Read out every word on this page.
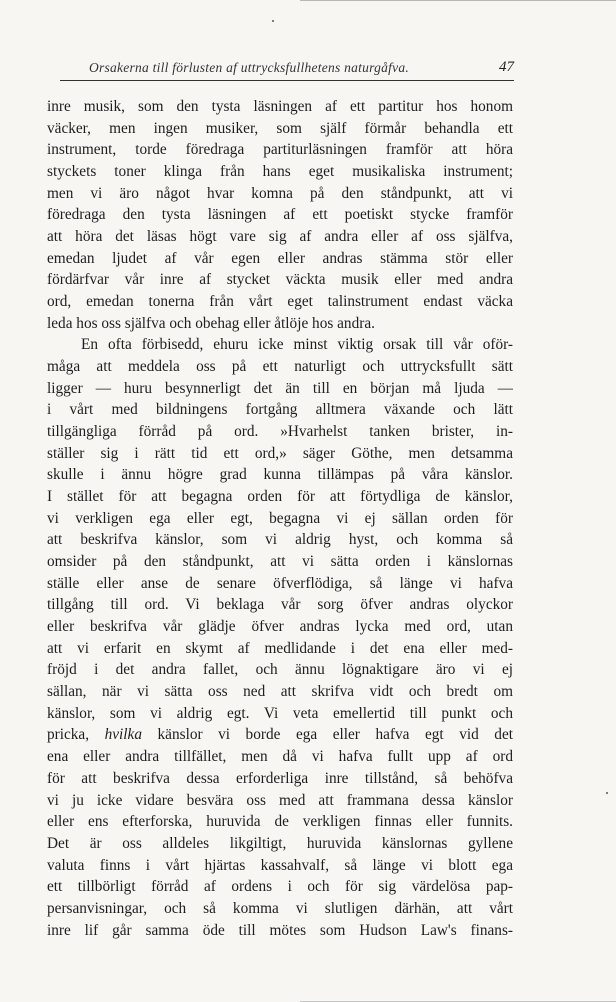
Orsakerna till förlusten af uttrycksfullhetens naturgåfva.	47
inre musik, som den tysta läsningen af ett partitur hos honom
väcker, men ingen musiker, som själf förmår behandla ett
instrument, torde föredraga partiturläsningen framför att höra
styckets toner klinga från hans eget musikaliska instrument;
men vi äro något hvar komna på den ståndpunkt, att vi
föredraga den tysta läsningen af ett poetiskt stycke framför
att höra det läsas högt vare sig af andra eller af oss själfva,
emedan ljudet af vår egen eller andras stämma stör eller
fördärfvar vår inre af stycket väckta musik eller med andra
ord, emedan tonerna från vårt eget talinstrument endast väcka
leda hos oss själfva och obehag eller åtlöje hos andra.
En ofta förbisedd, ehuru icke minst viktig orsak till vår oför-
måga att meddela oss på ett naturligt och uttrycksfullt sätt
ligger — huru besynnerligt det än till en början må ljuda —
i vårt med bildningens fortgång alltmera växande och lätt
tillgängliga förråd på ord. »Hvarhelst tanken brister, in-
ställer sig i rätt tid ett ord,» säger Göthe, men detsamma
skulle i ännu högre grad kunna tillämpas på våra känslor.
I stället för att begagna orden för att förtydliga de känslor,
vi verkligen ega eller egt, begagna vi ej sällan orden för
att beskrifva känslor, som vi aldrig hyst, och komma så
omsider på den ståndpunkt, att vi sätta orden i känslornas
ställe eller anse de senare öfverflödiga, så länge vi hafva
tillgång till ord. Vi beklaga vår sorg öfver andras olyckor
eller beskrifva vår glädje öfver andras lycka med ord, utan
att vi erfarit en skymt af medlidande i det ena eller med-
fröjd i det andra fallet, och ännu lögnaktigare äro vi ej
sällan, när vi sätta oss ned att skrifva vidt och bredt om
känslor, som vi aldrig egt. Vi veta emellertid till punkt och
pricka, hvilka känslor vi borde ega eller hafva egt vid det
ena eller andra tillfället, men då vi hafva fullt upp af ord
för att beskrifva dessa erforderliga inre tillstånd, så behöfva
vi ju icke vidare besvära oss med att frammana dessa känslor
eller ens efterforska, huruvida de verkligen finnas eller funnits.
Det är oss alldeles likgiltigt, huruvida känslornas gyllene
valuta finns i vårt hjärtas kassahvalf, så länge vi blott ega
ett tillbörligt förråd af ordens i och för sig värdelösa pap-
persanvisningar, och så komma vi slutligen därhän, att vårt
inre lif går samma öde till mötes som Hudson Law's finans-
